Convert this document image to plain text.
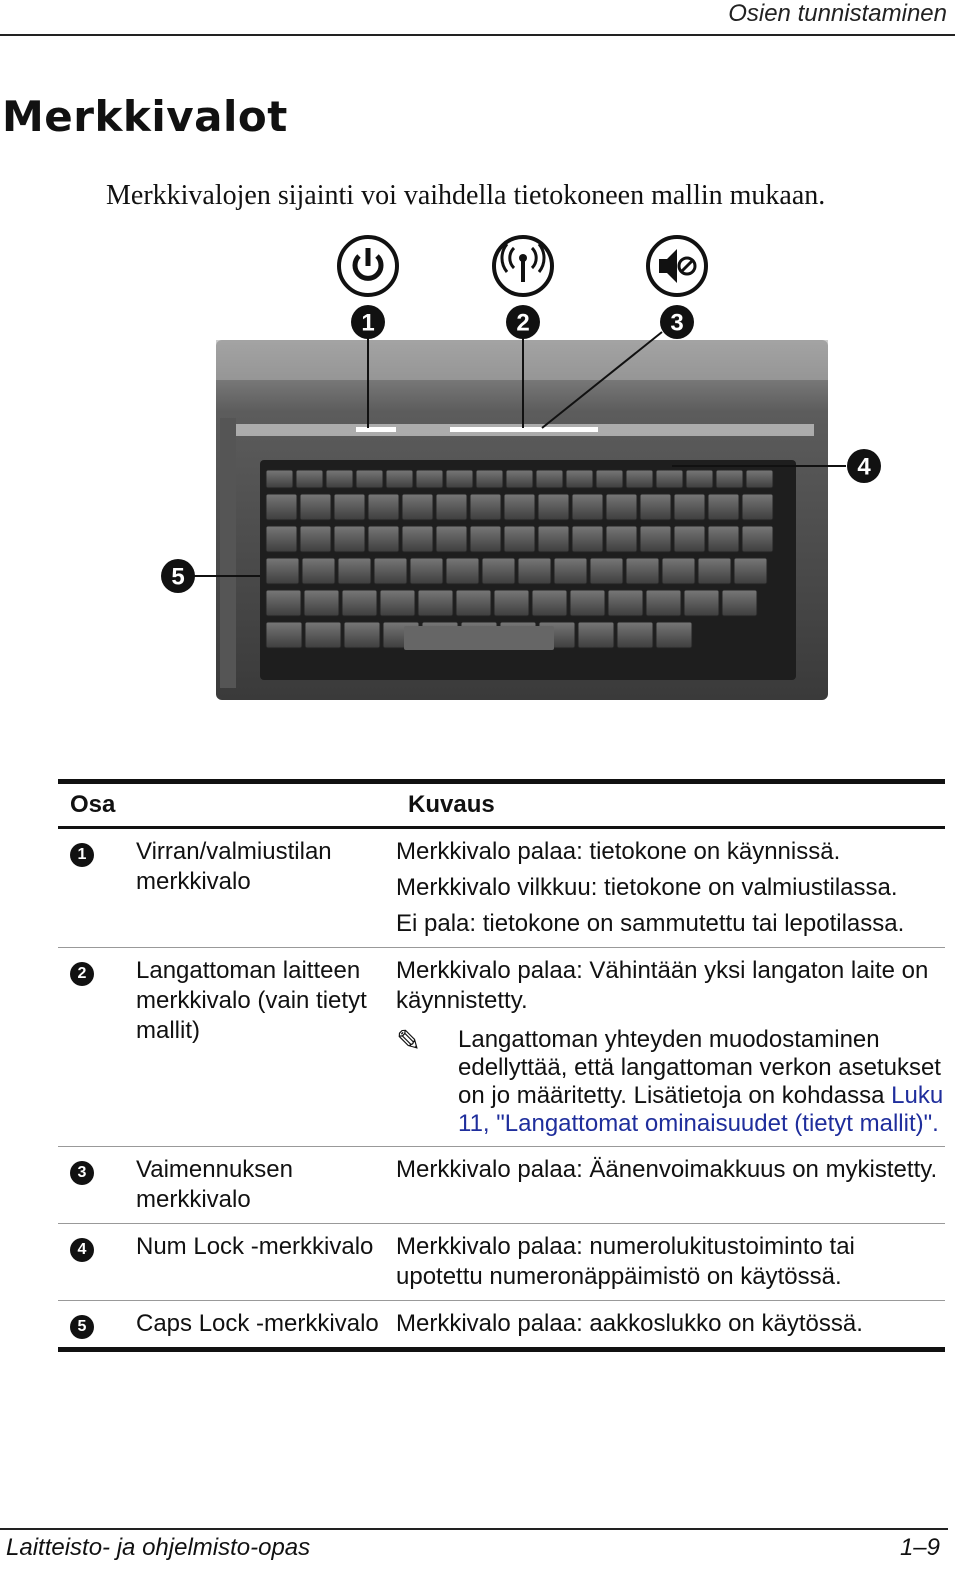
Osien tunnistaminen
Merkkivalot

Merkkivalojen sijainti voi vaihdella tietokoneen mallin mukaan.

1	2	3
4
5
Osa		Kuvaus
1	Virran/valmiustilan merkkivalo	Merkkivalo palaa: tietokone on käynnissä.
Merkkivalo vilkkuu: tietokone on valmiustilassa.
Ei pala: tietokone on sammutettu tai lepotilassa.

2	Langattoman laitteen merkkivalo (vain tietyt mallit)	Merkkivalo palaa: Vähintään yksi langaton laite on käynnistetty.
✎ Langattoman yhteyden muodostaminen edellyttää, että langattoman verkon asetukset on jo määritetty. Lisätietoja on kohdassa Luku 11, "Langattomat ominaisuudet (tietyt mallit)".

3	Vaimennuksen merkkivalo	Merkkivalo palaa: Äänenvoimakkuus on mykistetty.

4	Num Lock -merkkivalo	Merkkivalo palaa: numerolukitustoiminto tai upotettu numeronäppäimistö on käytössä.

5	Caps Lock -merkkivalo	Merkkivalo palaa: aakkoslukko on käytössä.
Laitteisto- ja ohjelmisto-opas	1–9
